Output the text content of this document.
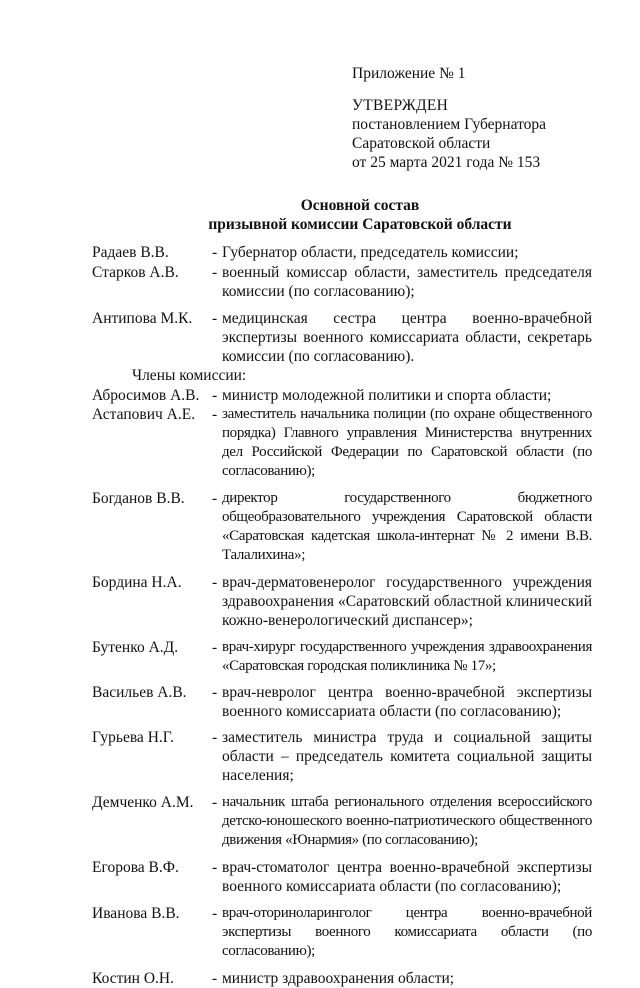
Приложение № 1
УТВЕРЖДЕН
постановлением Губернатора
Саратовской области
от 25 марта 2021 года № 153
Основной состав
призывной комиссии Саратовской области
Радаев В.В.	- Губернатор области, председатель комиссии;
Старков А.В.	- военный комиссар области, заместитель председателя комиссии (по согласованию);
Антипова М.К.	- медицинская сестра центра военно-врачебной экспертизы военного комиссариата области, секретарь комиссии (по согласованию).
Члены комиссии:
Абросимов А.В. - министр молодежной политики и спорта области;
Астапович А.Е.	- заместитель начальника полиции (по охране общественного порядка) Главного управления Министерства внутренних дел Российской Федерации по Саратовской области (по согласованию);
Богданов В.В.	- директор государственного бюджетного общеобразовательного учреждения Саратовской области «Саратовская кадетская школа-интернат № 2 имени В.В. Талалихина»;
Бордина Н.А.	- врач-дерматовенеролог государственного учреждения здравоохранения «Саратовский областной клинический кожно-венерологический диспансер»;
Бутенко А.Д.	- врач-хирург государственного учреждения здравоохранения «Саратовская городская поликлиника № 17»;
Васильев А.В.	- врач-невролог центра военно-врачебной экспертизы военного комиссариата области (по согласованию);
Гурьева Н.Г.	- заместитель министра труда и социальной защиты области – председатель комитета социальной защиты населения;
Демченко А.М.	- начальник штаба регионального отделения всероссийского детско-юношеского военно-патриотического общественного движения «Юнармия» (по согласованию);
Егорова В.Ф.	- врач-стоматолог центра военно-врачебной экспертизы военного комиссариата области (по согласованию);
Иванова В.В.	- врач-оториноларинголог центра военно-врачебной экспертизы военного комиссариата области (по согласованию);
Костин О.Н.	- министр здравоохранения области;
